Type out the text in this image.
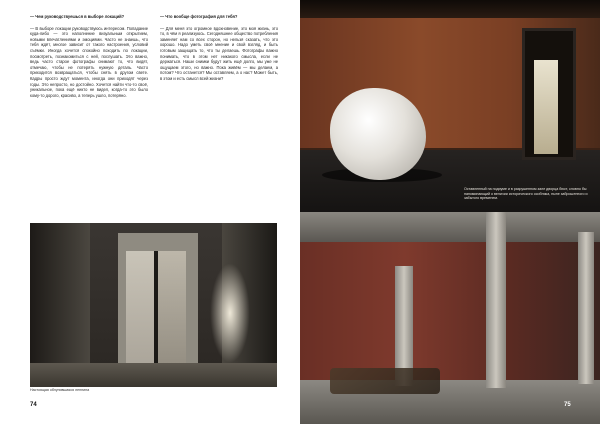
— Чем руководствуешься в выборе локаций?

— В выборе локации руководствуюсь интересом. Попадание куда-либо — это наполнение визуальным открытием, новыми впечатлениями и эмоциями. Часто не знаешь, что тебя ждёт, многое зависит от такого настроения, условий съёмки. Иногда хочется спокойно походить по локации, посмотреть, познакомиться с ней, послушать. Это важно, ведь часто старое фотографы снимают то, что видят, отмечаю, чтобы не потерять нужную деталь. Часто приходится возвращаться, чтобы снять в другом свете. Кадры просто ждут момента, иногда они приходят через годы. Это непросто, но достойно. Хочется найти что-то своё, уникальное, пока ещё никто не видел, когда-то это было кому-то дорого, красиво, а теперь ушло, потеряно.

— Что вообще фотография для тебя?

— Для меня это огромное вдохновение, это моя жизнь, это то, в чём я реализуюсь. Сегодняшнее общество потребления заменяет нам со всех сторон, но нельзя сказать, что это хорошо. Надо уметь своё мнение и свой взгляд, и быть готовым защищать то, что ты делаешь. Фотографы важно понимать, что в этом нет никакого смысла, если не держаться. Наши снимки будут жить ещё долго, мы уже не ощущаем этого, но важно. Пока живём — мы делаем, а потом? Что останется? Мы оставляем, а о нас? Может быть, в этом и есть смысл всей жизни?

Настоящая облупившаяся лепнина
74
Оставленный на подиуме и в разрушенном зале дворца бюст, словно бы напоминающий о величии исторического особняка, ныне заброшенного и забытого временем.
75
